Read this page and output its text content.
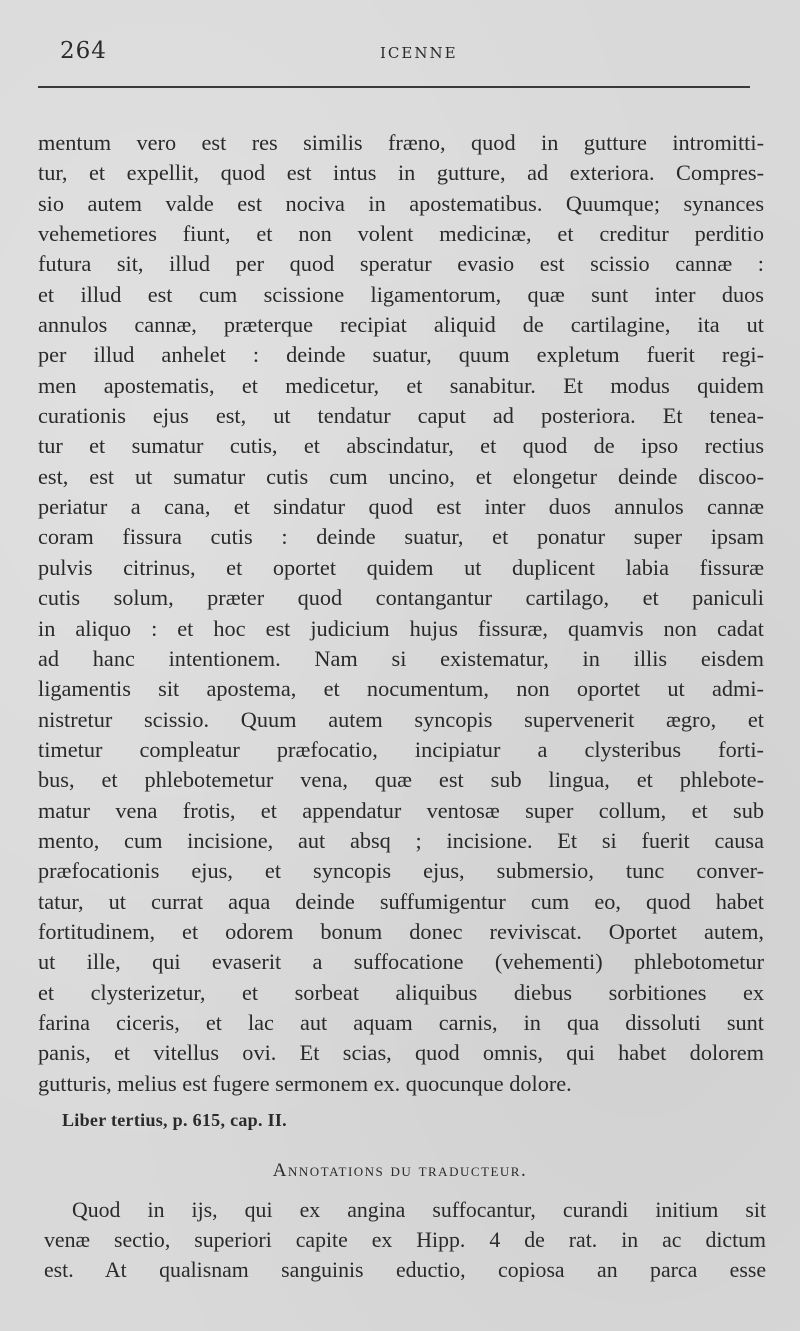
264	ICENNE
mentum vero est res similis fræno, quod in gutture intromitti-
tur, et expellit, quod est intus in gutture, ad exteriora. Compres-
sio autem valde est nociva in apostematibus. Quumque; synances
vehemetiores fiunt, et non volent medicinæ, et creditur perditio
futura sit, illud per quod speratur evasio est scissio cannæ :
et illud est cum scissione ligamentorum, quæ sunt inter duos
annulos cannæ, præterque recipiat aliquid de cartilagine, ita ut
per illud anhelet : deinde suatur, quum expletum fuerit regi-
men apostematis, et medicetur, et sanabitur. Et modus quidem
curationis ejus est, ut tendatur caput ad posteriora. Et tenea-
tur et sumatur cutis, et abscindatur, et quod de ipso rectius
est, est ut sumatur cutis cum uncino, et elongetur deinde discoo-
periatur a cana, et sindatur quod est inter duos annulos cannæ
coram fissura cutis : deinde suatur, et ponatur super ipsam
pulvis citrinus, et oportet quidem ut duplicent labia fissuræ
cutis solum, præter quod contangantur cartilago, et paniculi
in aliquo : et hoc est judicium hujus fissuræ, quamvis non cadat
ad hanc intentionem. Nam si existematur, in illis eisdem
ligamentis sit apostema, et nocumentum, non oportet ut admi-
nistretur scissio. Quum autem syncopis supervenerit ægro, et
timetur compleatur præfocatio, incipiatur a clysteribus forti-
bus, et phlebotemetur vena, quæ est sub lingua, et phlebote-
matur vena frotis, et appendatur ventosæ super collum, et sub
mento, cum incisione, aut absq ; incisione. Et si fuerit causa
præfocationis ejus, et syncopis ejus, submersio, tunc conver-
tatur, ut currat aqua deinde suffumigentur cum eo, quod habet
fortitudinem, et odorem bonum donec reviviscat. Oportet autem,
ut ille, qui evaserit a suffocatione (vehementi) phlebotometur
et clysterizetur, et sorbeat aliquibus diebus sorbitiones ex
farina ciceris, et lac aut aquam carnis, in qua dissoluti sunt
panis, et vitellus ovi. Et scias, quod omnis, qui habet dolorem
gutturis, melius est fugere sermonem ex. quocunque dolore.
Liber tertius, p. 615, cap. II.
Annotations du traducteur.
Quod in ijs, qui ex angina suffocantur, curandi initium sit
venæ sectio, superiori capite ex Hipp. 4 de rat. in ac dictum
est. At qualisnam sanguinis eductio, copiosa an parca esse
